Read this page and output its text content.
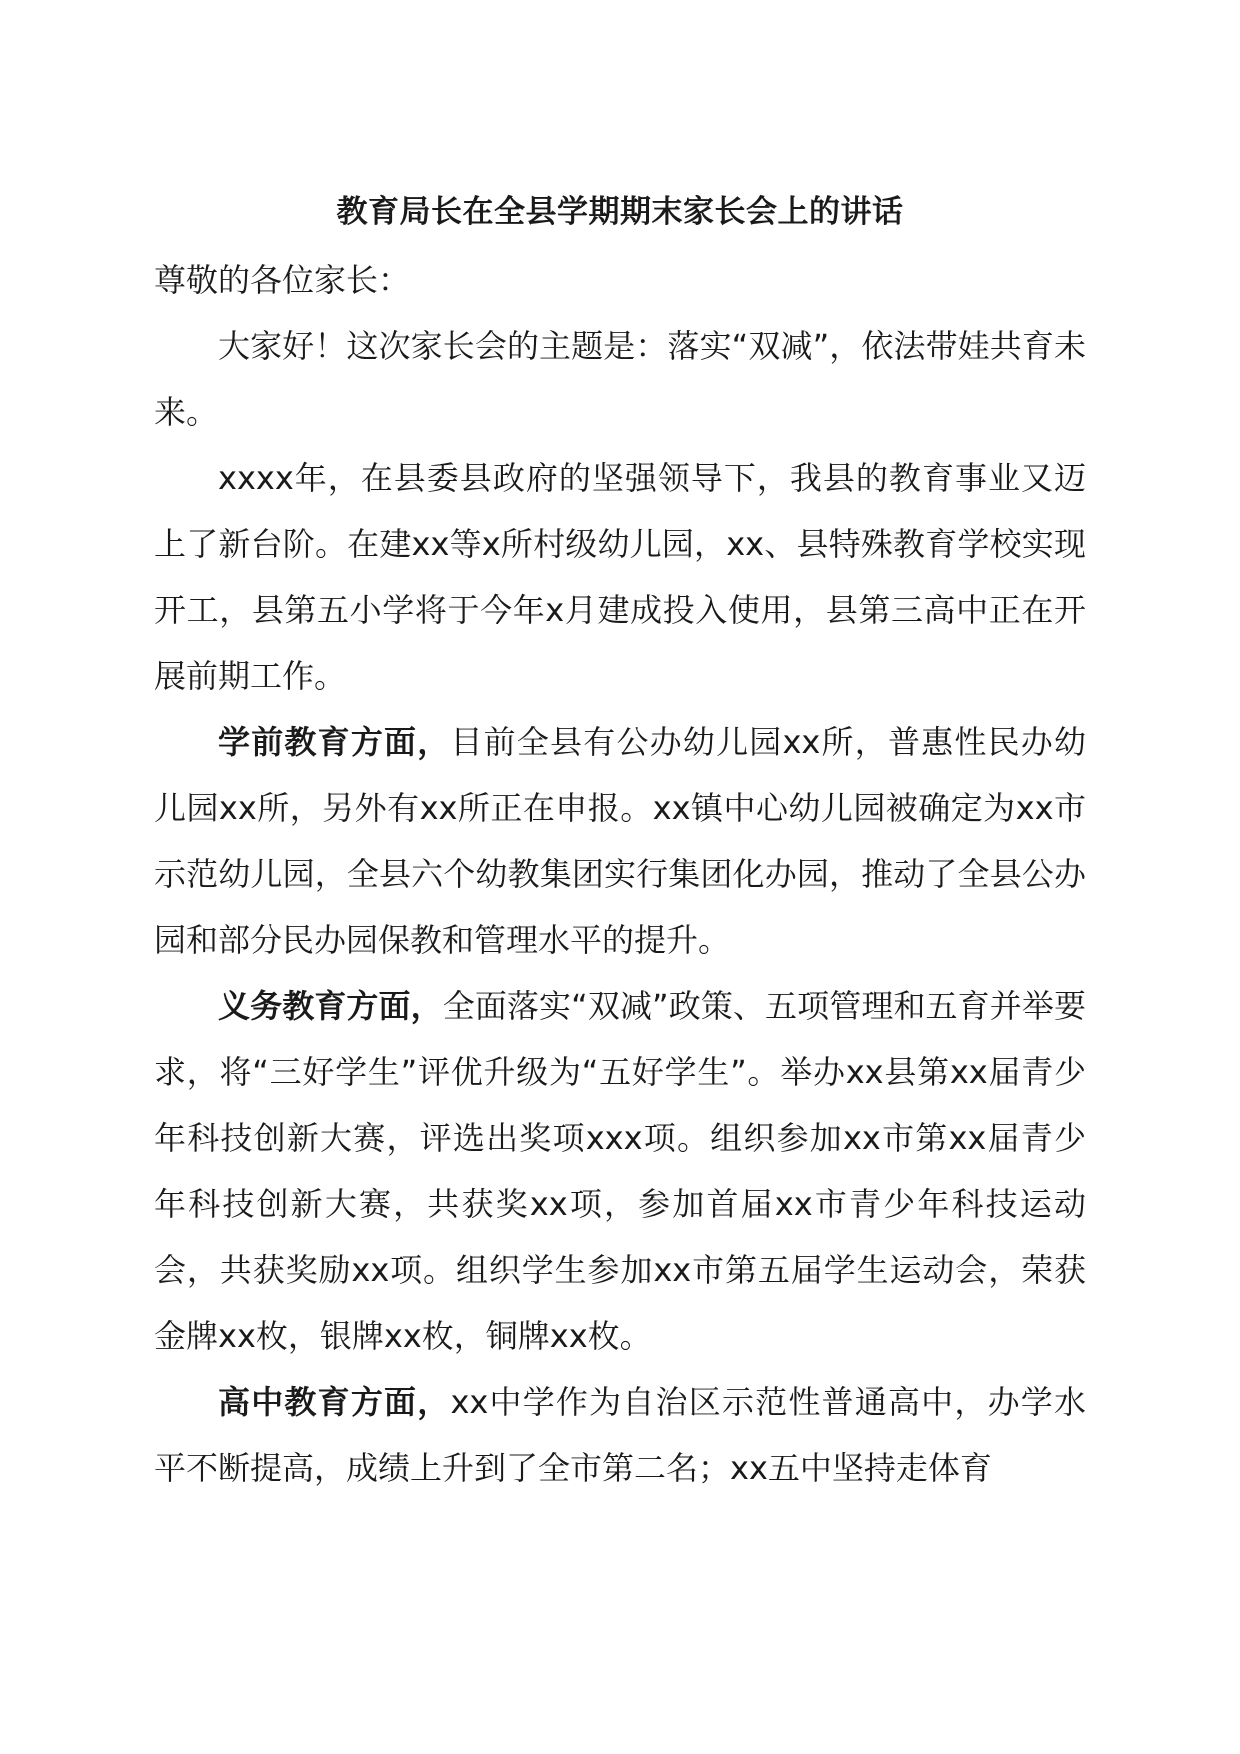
教育局长在全县学期期末家长会上的讲话

尊敬的各位家长：

大家好！这次家长会的主题是：落实“双减”，依法带娃共育未来。

xxxx年，在县委县政府的坚强领导下，我县的教育事业又迈上了新台阶。在建xx等x所村级幼儿园，xx、县特殊教育学校实现开工，县第五小学将于今年x月建成投入使用，县第三高中正在开展前期工作。

学前教育方面，目前全县有公办幼儿园xx所，普惠性民办幼儿园xx所，另外有xx所正在申报。xx镇中心幼儿园被确定为xx市示范幼儿园，全县六个幼教集团实行集团化办园，推动了全县公办园和部分民办园保教和管理水平的提升。

义务教育方面，全面落实“双减”政策、五项管理和五育并举要求，将“三好学生”评优升级为“五好学生”。举办xx县第xx届青少年科技创新大赛，评选出奖项xxx项。组织参加xx市第xx届青少年科技创新大赛，共获奖xx项，参加首届xx市青少年科技运动会，共获奖励xx项。组织学生参加xx市第五届学生运动会，荣获金牌xx枚，银牌xx枚，铜牌xx枚。

高中教育方面，xx中学作为自治区示范性普通高中，办学水平不断提高，成绩上升到了全市第二名；xx五中坚持走体育
